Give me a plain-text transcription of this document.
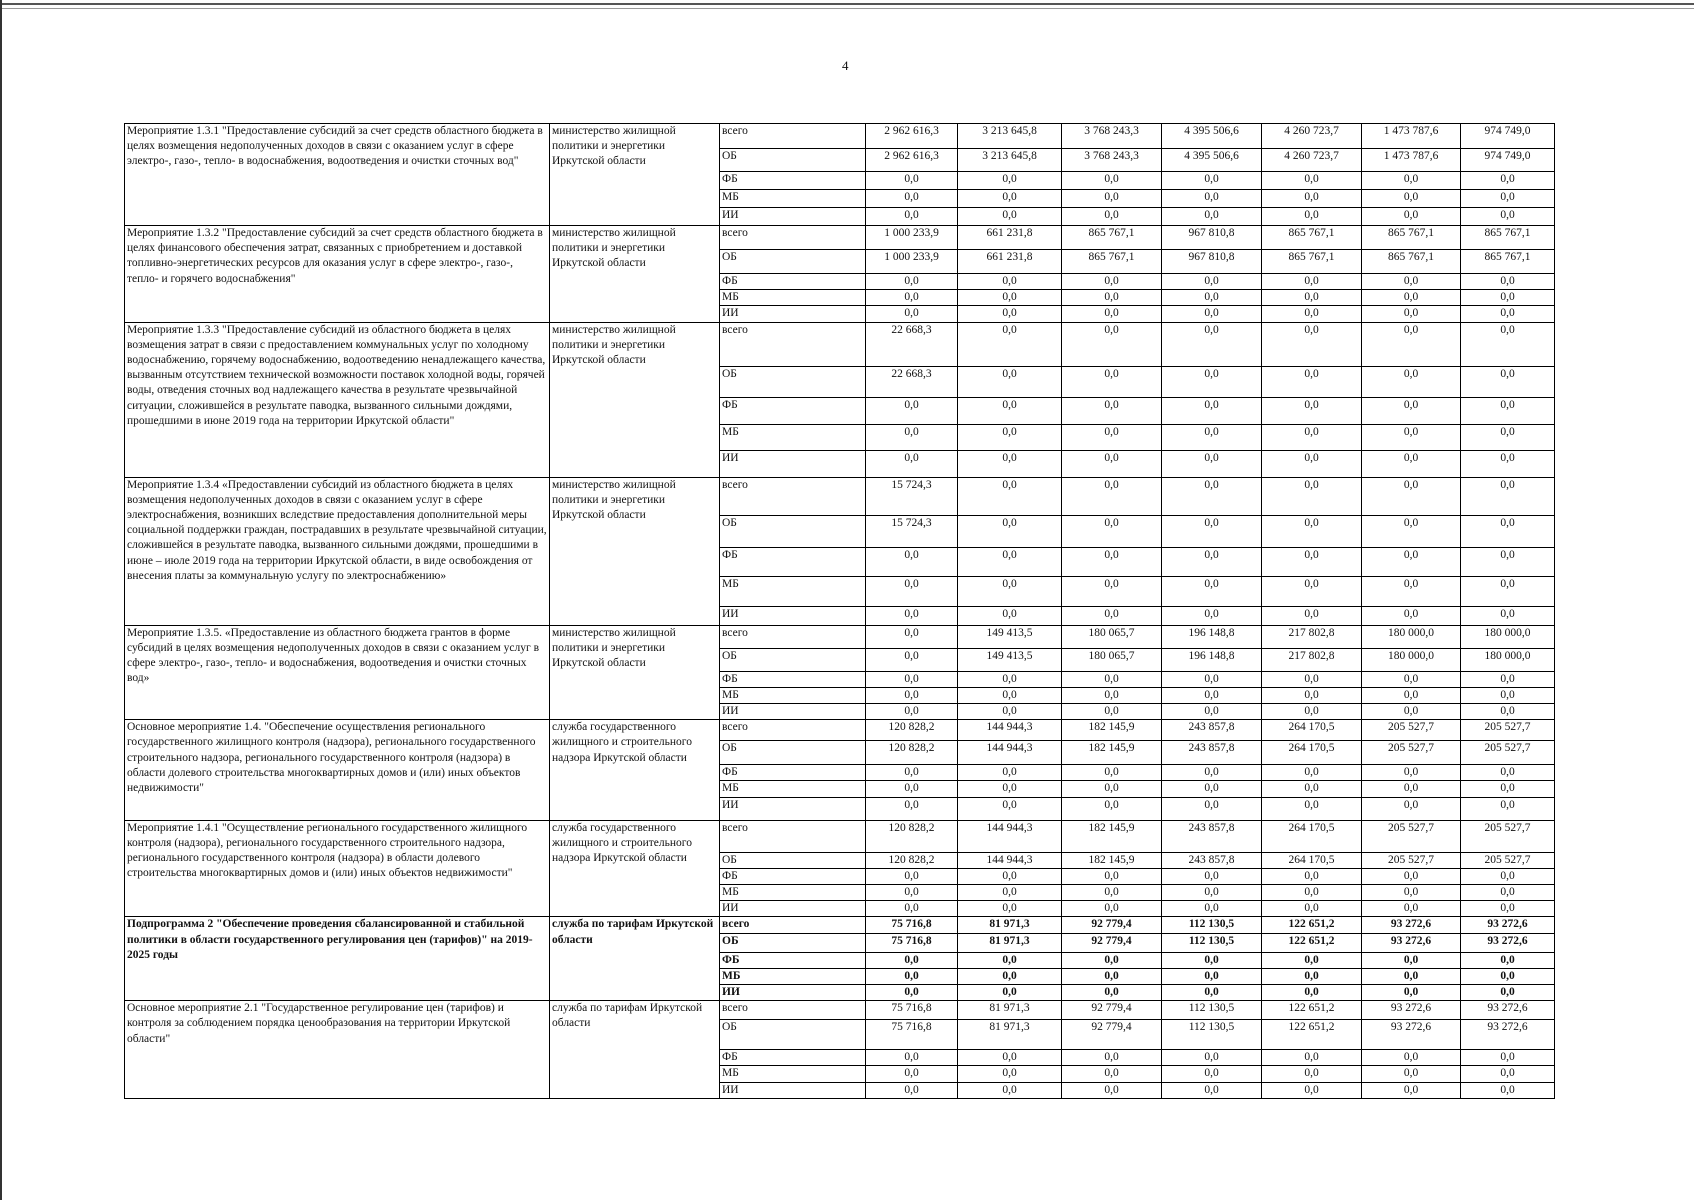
4
Мероприятие 1.3.1 "Предоставление субсидий за счет средств областного бюджета в целях возмещения недополученных доходов в связи с оказанием услуг в сфере электро-, газо-, тепло- в водоснабжения, водоотведения и очистки сточных вод"	министерство жилищной политики и энергетики Иркутской области	всего	2 962 616,3	3 213 645,8	3 768 243,3	4 395 506,6	4 260 723,7	1 473 787,6	974 749,0
		ОБ	2 962 616,3	3 213 645,8	3 768 243,3	4 395 506,6	4 260 723,7	1 473 787,6	974 749,0
		ФБ	0,0	0,0	0,0	0,0	0,0	0,0	0,0
		МБ	0,0	0,0	0,0	0,0	0,0	0,0	0,0
		ИИ	0,0	0,0	0,0	0,0	0,0	0,0	0,0
Мероприятие 1.3.2 "Предоставление субсидий за счет средств областного бюджета в целях финансового обеспечения затрат, связанных с приобретением и доставкой топливно-энергетических ресурсов для оказания услуг в сфере электро-, газо-, тепло- и горячего водоснабжения"	министерство жилищной политики и энергетики Иркутской области	всего	1 000 233,9	661 231,8	865 767,1	967 810,8	865 767,1	865 767,1	865 767,1
		ОБ	1 000 233,9	661 231,8	865 767,1	967 810,8	865 767,1	865 767,1	865 767,1
		ФБ	0,0	0,0	0,0	0,0	0,0	0,0	0,0
		МБ	0,0	0,0	0,0	0,0	0,0	0,0	0,0
		ИИ	0,0	0,0	0,0	0,0	0,0	0,0	0,0
Мероприятие 1.3.3 "Предоставление субсидий из областного бюджета в целях возмещения затрат в связи с предоставлением коммунальных услуг по холодному водоснабжению, горячему водоснабжению, водоотведению ненадлежащего качества, вызванным отсутствием технической возможности поставок холодной воды, горячей воды, отведения сточных вод надлежащего качества в результате чрезвычайной ситуации, сложившейся в результате паводка, вызванного сильными дождями, прошедшими в июне 2019 года на территории Иркутской области"	министерство жилищной политики и энергетики Иркутской области	всего	22 668,3	0,0	0,0	0,0	0,0	0,0	0,0
		ОБ	22 668,3	0,0	0,0	0,0	0,0	0,0	0,0
		ФБ	0,0	0,0	0,0	0,0	0,0	0,0	0,0
		МБ	0,0	0,0	0,0	0,0	0,0	0,0	0,0
		ИИ	0,0	0,0	0,0	0,0	0,0	0,0	0,0
Мероприятие 1.3.4 «Предоставлении субсидий из областного бюджета в целях возмещения недополученных доходов в связи с оказанием услуг в сфере электроснабжения, возникших вследствие предоставления дополнительной меры социальной поддержки граждан, пострадавших в результате чрезвычайной ситуации, сложившейся в результате паводка, вызванного сильными дождями, прошедшими в июне – июле 2019 года на территории Иркутской области, в виде освобождения от внесения платы за коммунальную услугу по электроснабжению»	министерство жилищной политики и энергетики Иркутской области	всего	15 724,3	0,0	0,0	0,0	0,0	0,0	0,0
		ОБ	15 724,3	0,0	0,0	0,0	0,0	0,0	0,0
		ФБ	0,0	0,0	0,0	0,0	0,0	0,0	0,0
		МБ	0,0	0,0	0,0	0,0	0,0	0,0	0,0
		ИИ	0,0	0,0	0,0	0,0	0,0	0,0	0,0
Мероприятие 1.3.5. «Предоставление из областного бюджета грантов в форме субсидий в целях возмещения недополученных доходов в связи с оказанием услуг в сфере электро-, газо-, тепло- и водоснабжения, водоотведения и очистки сточных вод»	министерство жилищной политики и энергетики Иркутской области	всего	0,0	149 413,5	180 065,7	196 148,8	217 802,8	180 000,0	180 000,0
		ОБ	0,0	149 413,5	180 065,7	196 148,8	217 802,8	180 000,0	180 000,0
		ФБ	0,0	0,0	0,0	0,0	0,0	0,0	0,0
		МБ	0,0	0,0	0,0	0,0	0,0	0,0	0,0
		ИИ	0,0	0,0	0,0	0,0	0,0	0,0	0,0
Основное мероприятие 1.4. "Обеспечение осуществления регионального государственного жилищного контроля (надзора), регионального государственного строительного надзора, регионального государственного контроля (надзора) в области долевого строительства многоквартирных домов и (или) иных объектов недвижимости"	служба государственного жилищного и строительного надзора Иркутской области	всего	120 828,2	144 944,3	182 145,9	243 857,8	264 170,5	205 527,7	205 527,7
		ОБ	120 828,2	144 944,3	182 145,9	243 857,8	264 170,5	205 527,7	205 527,7
		ФБ	0,0	0,0	0,0	0,0	0,0	0,0	0,0
		МБ	0,0	0,0	0,0	0,0	0,0	0,0	0,0
		ИИ	0,0	0,0	0,0	0,0	0,0	0,0	0,0
Мероприятие 1.4.1 "Осуществление регионального государственного жилищного контроля (надзора), регионального государственного строительного надзора, регионального государственного контроля (надзора) в области долевого строительства многоквартирных домов и (или) иных объектов недвижимости"	служба государственного жилищного и строительного надзора Иркутской области	всего	120 828,2	144 944,3	182 145,9	243 857,8	264 170,5	205 527,7	205 527,7
		ОБ	120 828,2	144 944,3	182 145,9	243 857,8	264 170,5	205 527,7	205 527,7
		ФБ	0,0	0,0	0,0	0,0	0,0	0,0	0,0
		МБ	0,0	0,0	0,0	0,0	0,0	0,0	0,0
		ИИ	0,0	0,0	0,0	0,0	0,0	0,0	0,0
Подпрограмма 2 "Обеспечение проведения сбалансированной и стабильной политики в области государственного регулирования цен (тарифов)" на 2019-2025 годы	служба по тарифам Иркутской области	всего	75 716,8	81 971,3	92 779,4	112 130,5	122 651,2	93 272,6	93 272,6
		ОБ	75 716,8	81 971,3	92 779,4	112 130,5	122 651,2	93 272,6	93 272,6
		ФБ	0,0	0,0	0,0	0,0	0,0	0,0	0,0
		МБ	0,0	0,0	0,0	0,0	0,0	0,0	0,0
		ИИ	0,0	0,0	0,0	0,0	0,0	0,0	0,0
Основное мероприятие 2.1 "Государственное регулирование цен (тарифов) и контроля за соблюдением порядка ценообразования на территории Иркутской области"	служба по тарифам Иркутской области	всего	75 716,8	81 971,3	92 779,4	112 130,5	122 651,2	93 272,6	93 272,6
		ОБ	75 716,8	81 971,3	92 779,4	112 130,5	122 651,2	93 272,6	93 272,6
		ФБ	0,0	0,0	0,0	0,0	0,0	0,0	0,0
		МБ	0,0	0,0	0,0	0,0	0,0	0,0	0,0
		ИИ	0,0	0,0	0,0	0,0	0,0	0,0	0,0
